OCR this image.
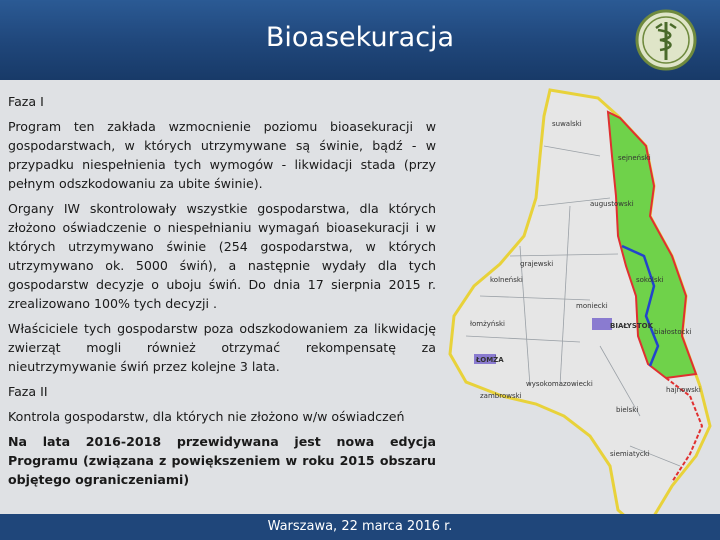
Bioasekuracja

Faza I

Program ten zakłada wzmocnienie poziomu bioasekuracji w gospodarstwach, w których utrzymywane są świnie, bądź - w przypadku niespełnienia tych wymogów - likwidacji stada (przy pełnym odszkodowaniu za ubite świnie).

Organy IW skontrolowały wszystkie gospodarstwa, dla których złożono oświadczenie o niespełnianiu wymagań bioasekuracji i w których utrzymywano świnie (254 gospodarstwa, w których utrzymywano ok. 5000 świń), a następnie wydały dla tych gospodarstw decyzje o uboju świń. Do dnia 17 sierpnia 2015 r. zrealizowano 100% tych decyzji .

Właściciele tych gospodarstw poza odszkodowaniem za likwidację zwierząt mogli również otrzymać rekompensatę za nieutrzymywanie świń przez kolejne 3 lata.

Faza II

Kontrola gospodarstw, dla których nie złożono w/w oświadczeń

Na lata 2016-2018 przewidywana jest nowa edycja Programu (związana z powiększeniem w roku 2015 obszaru objętego ograniczeniami)

suwalski
sejneński
augustowski
grajewski
sokólski
moniecki
BIAŁYSTOK
białostocki
ŁOMŻA
hajnowski
bielski
siemiatycki
kolneński
wysokomazowiecki
zambrowski
łomżyński
Warszawa, 22 marca 2016 r.
